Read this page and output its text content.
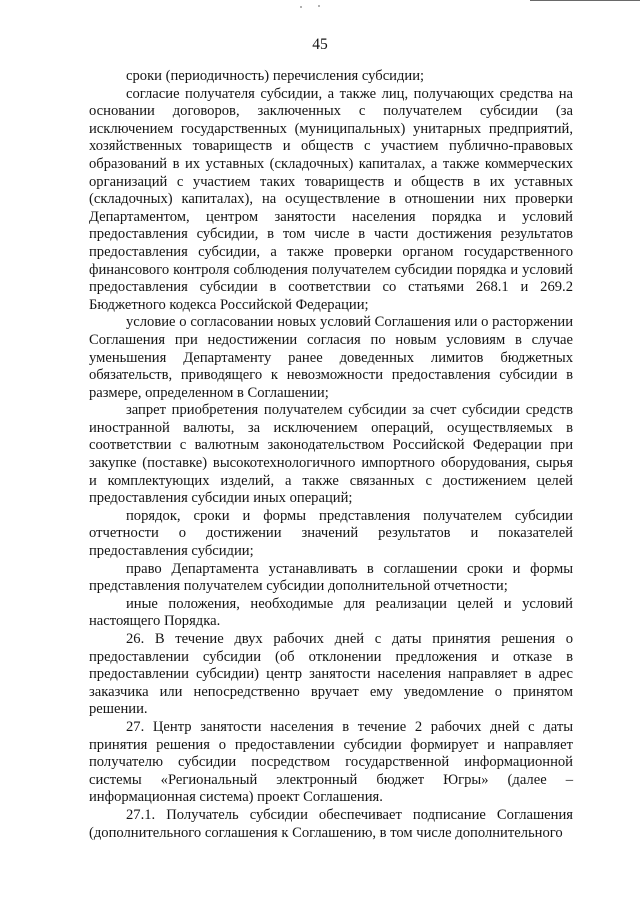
45

сроки (периодичность) перечисления субсидии;

согласие получателя субсидии, а также лиц, получающих средства на основании договоров, заключенных с получателем субсидии (за исключением государственных (муниципальных) унитарных предприятий, хозяйственных товариществ и обществ с участием публично-правовых образований в их уставных (складочных) капиталах, а также коммерческих организаций с участием таких товариществ и обществ в их уставных (складочных) капиталах), на осуществление в отношении них проверки Департаментом, центром занятости населения порядка и условий предоставления субсидии, в том числе в части достижения результатов предоставления субсидии, а также проверки органом государственного финансового контроля соблюдения получателем субсидии порядка и условий предоставления субсидии в соответствии со статьями 268.1 и 269.2 Бюджетного кодекса Российской Федерации;

условие о согласовании новых условий Соглашения или о расторжении Соглашения при недостижении согласия по новым условиям в случае уменьшения Департаменту ранее доведенных лимитов бюджетных обязательств, приводящего к невозможности предоставления субсидии в размере, определенном в Соглашении;

запрет приобретения получателем субсидии за счет субсидии средств иностранной валюты, за исключением операций, осуществляемых в соответствии с валютным законодательством Российской Федерации при закупке (поставке) высокотехнологичного импортного оборудования, сырья и комплектующих изделий, а также связанных с достижением целей предоставления субсидии иных операций;

порядок, сроки и формы представления получателем субсидии отчетности о достижении значений результатов и показателей предоставления субсидии;

право Департамента устанавливать в соглашении сроки и формы представления получателем субсидии дополнительной отчетности;

иные положения, необходимые для реализации целей и условий настоящего Порядка.

26. В течение двух рабочих дней с даты принятия решения о предоставлении субсидии (об отклонении предложения и отказе в предоставлении субсидии) центр занятости населения направляет в адрес заказчика или непосредственно вручает ему уведомление о принятом решении.

27. Центр занятости населения в течение 2 рабочих дней с даты принятия решения о предоставлении субсидии формирует и направляет получателю субсидии посредством государственной информационной системы «Региональный электронный бюджет Югры» (далее – информационная система) проект Соглашения.

27.1. Получатель субсидии обеспечивает подписание Соглашения (дополнительного соглашения к Соглашению, в том числе дополнительного
